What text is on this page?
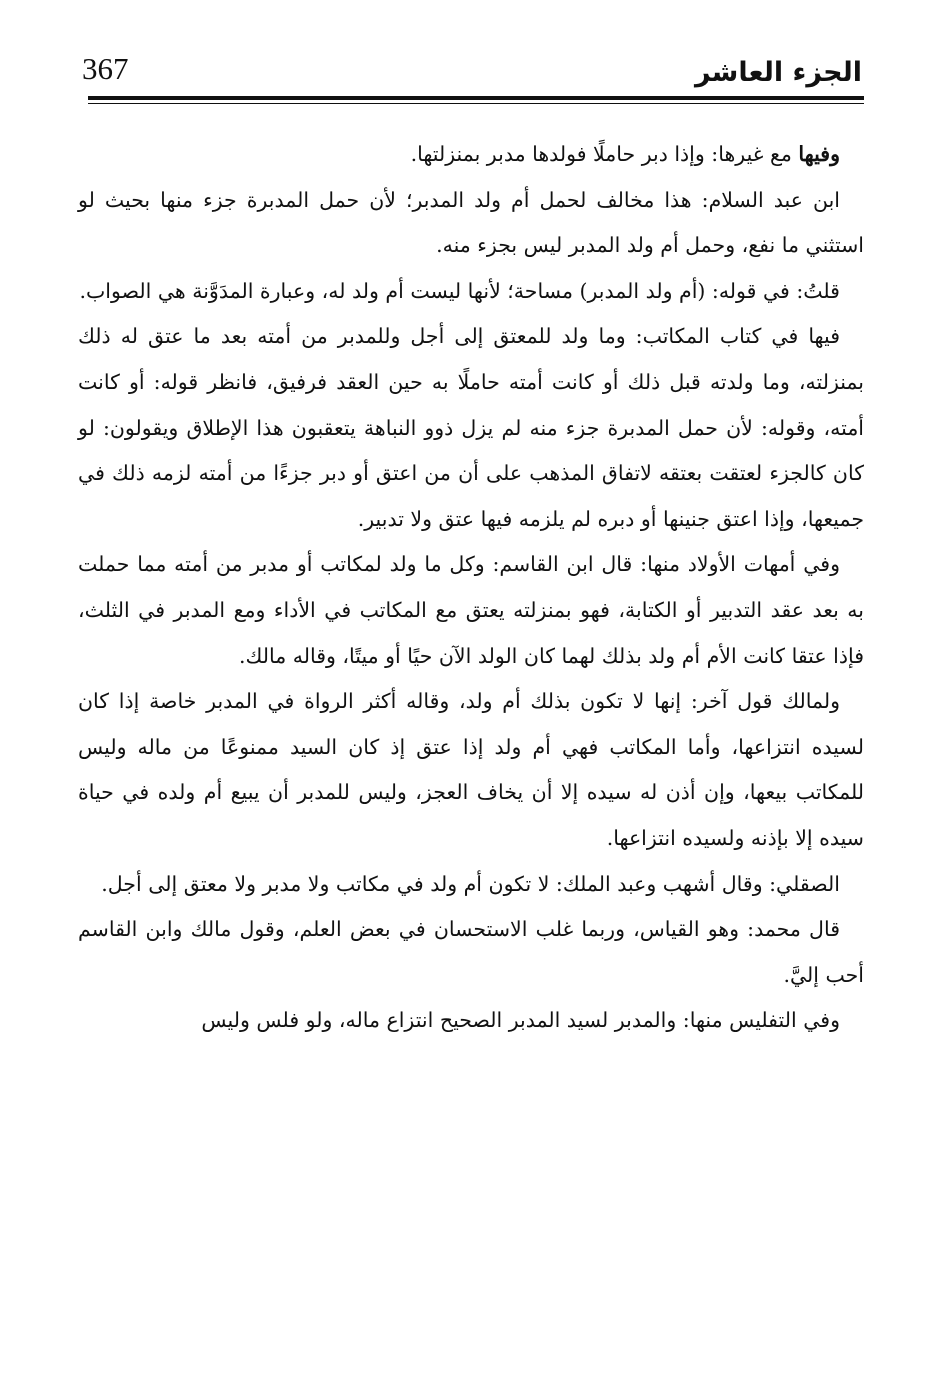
367	الجزء العاشر

وفيها مع غيرها: وإذا دبر حاملًا فولدها مدبر بمنزلتها.

ابن عبد السلام: هذا مخالف لحمل أم ولد المدبر؛ لأن حمل المدبرة جزء منها بحيث لو استثني ما نفع، وحمل أم ولد المدبر ليس بجزء منه.

قلتُ: في قوله: (أم ولد المدبر) مساحة؛ لأنها ليست أم ولد له، وعبارة المدَوَّنة هي الصواب.

فيها في كتاب المكاتب: وما ولد للمعتق إلى أجل وللمدبر من أمته بعد ما عتق له ذلك بمنزلته، وما ولدته قبل ذلك أو كانت أمته حاملًا به حين العقد فرفيق، فانظر قوله: أو كانت أمته، وقوله: لأن حمل المدبرة جزء منه لم يزل ذوو النباهة يتعقبون هذا الإطلاق ويقولون: لو كان كالجزء لعتقت بعتقه لاتفاق المذهب على أن من اعتق أو دبر جزءًا من أمته لزمه ذلك في جميعها، وإذا اعتق جنينها أو دبره لم يلزمه فيها عتق ولا تدبير.

وفي أمهات الأولاد منها: قال ابن القاسم: وكل ما ولد لمكاتب أو مدبر من أمته مما حملت به بعد عقد التدبير أو الكتابة، فهو بمنزلته يعتق مع المكاتب في الأداء ومع المدبر في الثلث، فإذا عتقا كانت الأم أم ولد بذلك لهما كان الولد الآن حيًا أو ميتًا، وقاله مالك.

ولمالك قول آخر: إنها لا تكون بذلك أم ولد، وقاله أكثر الرواة في المدبر خاصة إذا كان لسيده انتزاعها، وأما المكاتب فهي أم ولد إذا عتق إذ كان السيد ممنوعًا من ماله وليس للمكاتب بيعها، وإن أذن له سيده إلا أن يخاف العجز، وليس للمدبر أن يبيع أم ولده في حياة سيده إلا بإذنه ولسيده انتزاعها.

الصقلي: وقال أشهب وعبد الملك: لا تكون أم ولد في مكاتب ولا مدبر ولا معتق إلى أجل.

قال محمد: وهو القياس، وربما غلب الاستحسان في بعض العلم، وقول مالك وابن القاسم أحب إليَّ.

وفي التفليس منها: والمدبر لسيد المدبر الصحيح انتزاع ماله، ولو فلس وليس
